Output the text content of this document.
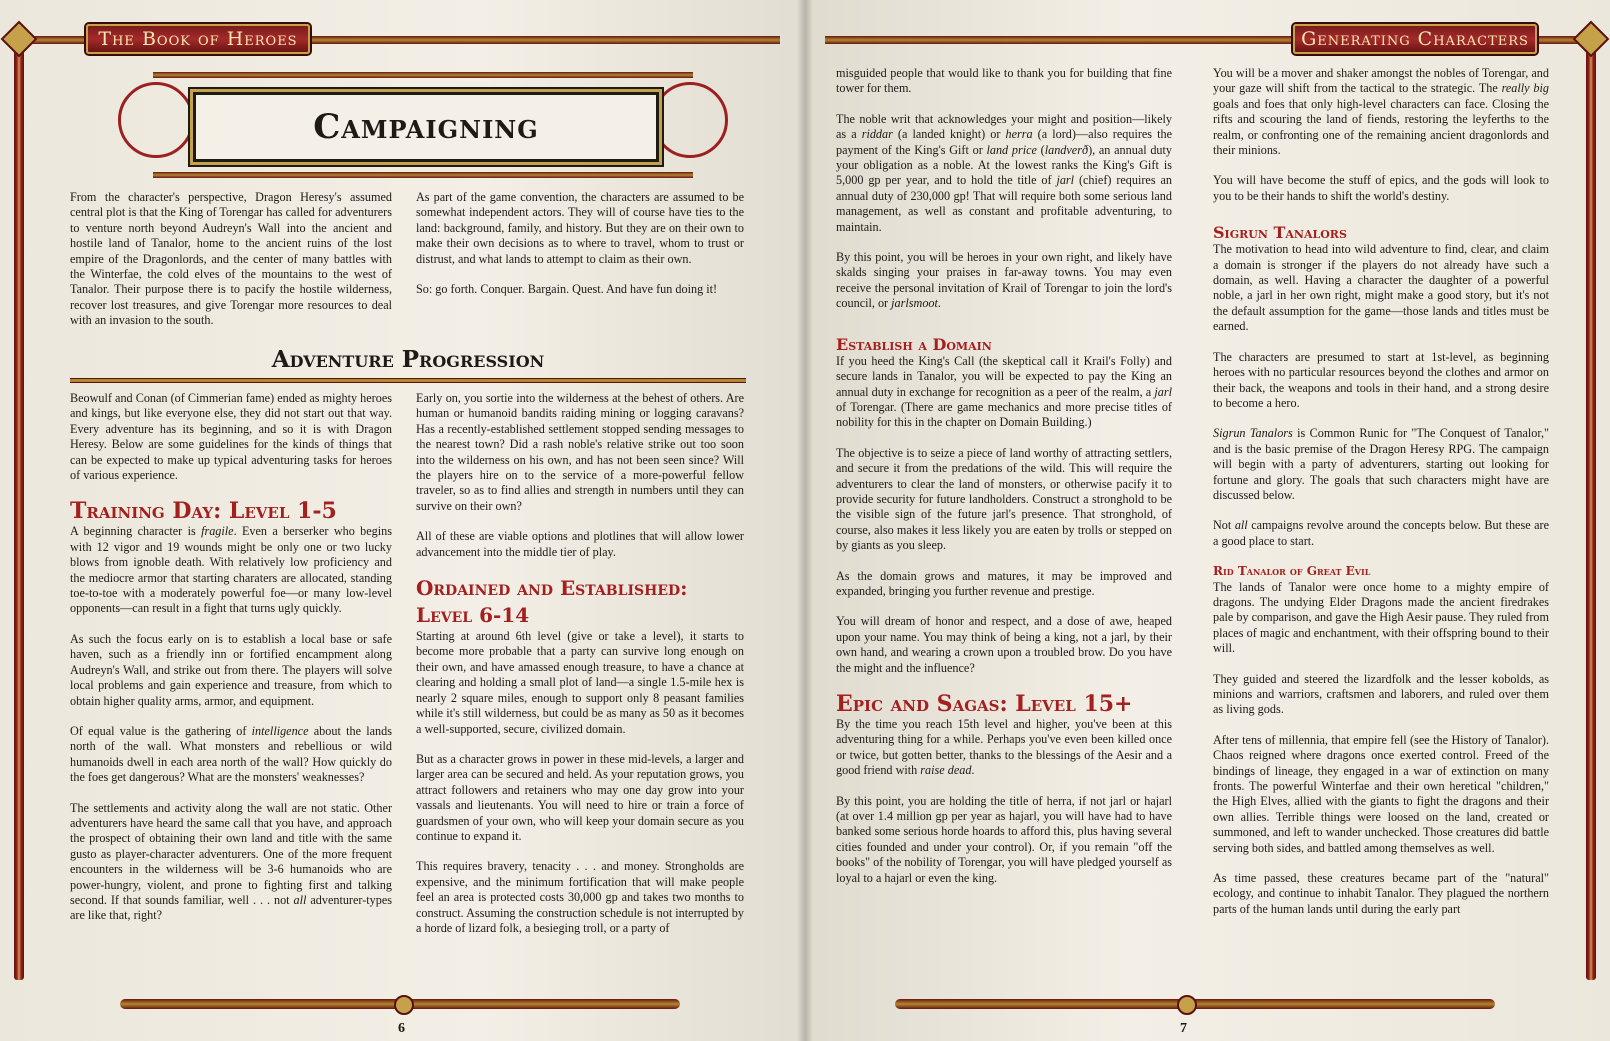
The Book of Heroes
Campaigning

From the character's perspective, Dragon Heresy's assumed central plot is that the King of Torengar has called for adventurers to venture north beyond Audreyn's Wall into the ancient and hostile land of Tanalor, home to the ancient ruins of the lost empire of the Dragonlords, and the center of many battles with the Winterfae, the cold elves of the mountains to the west of Tanalor. Their purpose there is to pacify the hostile wilderness, recover lost treasures, and give Torengar more resources to deal with an invasion to the south.

As part of the game convention, the characters are assumed to be somewhat independent actors. They will of course have ties to the land: background, family, and history. But they are on their own to make their own decisions as to where to travel, whom to trust or distrust, and what lands to attempt to claim as their own.

So: go forth. Conquer. Bargain. Quest. And have fun doing it!

Adventure Progression

Beowulf and Conan (of Cimmerian fame) ended as mighty heroes and kings, but like everyone else, they did not start out that way. Every adventure has its beginning, and so it is with Dragon Heresy. Below are some guidelines for the kinds of things that can be expected to make up typical adventuring tasks for heroes of various experience.

Training Day: Level 1-5

A beginning character is fragile. Even a berserker who begins with 12 vigor and 19 wounds might be only one or two lucky blows from ignoble death. With relatively low proficiency and the mediocre armor that starting charaters are allocated, standing toe-to-toe with a moderately powerful foe—or many low-level opponents—can result in a fight that turns ugly quickly.

As such the focus early on is to establish a local base or safe haven, such as a friendly inn or fortified encampment along Audreyn's Wall, and strike out from there. The players will solve local problems and gain experience and treasure, from which to obtain higher quality arms, armor, and equipment.

Of equal value is the gathering of intelligence about the lands north of the wall. What monsters and rebellious or wild humanoids dwell in each area north of the wall? How quickly do the foes get dangerous? What are the monsters' weaknesses?

The settlements and activity along the wall are not static. Other adventurers have heard the same call that you have, and approach the prospect of obtaining their own land and title with the same gusto as player-character adventurers. One of the more frequent encounters in the wilderness will be 3-6 humanoids who are power-hungry, violent, and prone to fighting first and talking second. If that sounds familiar, well . . . not all adventurer-types are like that, right?

Early on, you sortie into the wilderness at the behest of others. Are human or humanoid bandits raiding mining or logging caravans? Has a recently-established settlement stopped sending messages to the nearest town? Did a rash noble's relative strike out too soon into the wilderness on his own, and has not been seen since? Will the players hire on to the service of a more-powerful fellow traveler, so as to find allies and strength in numbers until they can survive on their own?

All of these are viable options and plotlines that will allow lower advancement into the middle tier of play.

Ordained and Established:
Level 6-14

Starting at around 6th level (give or take a level), it starts to become more probable that a party can survive long enough on their own, and have amassed enough treasure, to have a chance at clearing and holding a small plot of land—a single 1.5-mile hex is nearly 2 square miles, enough to support only 8 peasant families while it's still wilderness, but could be as many as 50 as it becomes a well-supported, secure, civilized domain.

But as a character grows in power in these mid-levels, a larger and larger area can be secured and held. As your reputation grows, you attract followers and retainers who may one day grow into your vassals and lieutenants. You will need to hire or train a force of guardsmen of your own, who will keep your domain secure as you continue to expand it.

This requires bravery, tenacity . . . and money. Strongholds are expensive, and the minimum fortification that will make people feel an area is protected costs 30,000 gp and takes two months to construct. Assuming the construction schedule is not interrupted by a horde of lizard folk, a besieging troll, or a party of

6
Generating Characters

misguided people that would like to thank you for building that fine tower for them.

The noble writ that acknowledges your might and position—likely as a riddar (a landed knight) or herra (a lord)—also requires the payment of the King's Gift or land price (landverð), an annual duty your obligation as a noble. At the lowest ranks the King's Gift is 5,000 gp per year, and to hold the title of jarl (chief) requires an annual duty of 230,000 gp! That will require both some serious land management, as well as constant and profitable adventuring, to maintain.

By this point, you will be heroes in your own right, and likely have skalds singing your praises in far-away towns. You may even receive the personal invitation of Krail of Torengar to join the lord's council, or jarlsmoot.

Establish a Domain

If you heed the King's Call (the skeptical call it Krail's Folly) and secure lands in Tanalor, you will be expected to pay the King an annual duty in exchange for recognition as a peer of the realm, a jarl of Torengar. (There are game mechanics and more precise titles of nobility for this in the chapter on Domain Building.)

The objective is to seize a piece of land worthy of attracting settlers, and secure it from the predations of the wild. This will require the adventurers to clear the land of monsters, or otherwise pacify it to provide security for future landholders. Construct a stronghold to be the visible sign of the future jarl's presence. That stronghold, of course, also makes it less likely you are eaten by trolls or stepped on by giants as you sleep.

As the domain grows and matures, it may be improved and expanded, bringing you further revenue and prestige.

You will dream of honor and respect, and a dose of awe, heaped upon your name. You may think of being a king, not a jarl, by their own hand, and wearing a crown upon a troubled brow. Do you have the might and the influence?

Epic and Sagas: Level 15+

By the time you reach 15th level and higher, you've been at this adventuring thing for a while. Perhaps you've even been killed once or twice, but gotten better, thanks to the blessings of the Aesir and a good friend with raise dead.

By this point, you are holding the title of herra, if not jarl or hajarl (at over 1.4 million gp per year as hajarl, you will have had to have banked some serious horde hoards to afford this, plus having several cities founded and under your control). Or, if you remain "off the books" of the nobility of Torengar, you will have pledged yourself as loyal to a hajarl or even the king.

You will be a mover and shaker amongst the nobles of Torengar, and your gaze will shift from the tactical to the strategic. The really big goals and foes that only high-level characters can face. Closing the rifts and scouring the land of fiends, restoring the leyferths to the realm, or confronting one of the remaining ancient dragonlords and their minions.

You will have become the stuff of epics, and the gods will look to you to be their hands to shift the world's destiny.

Sigrun Tanalors

The motivation to head into wild adventure to find, clear, and claim a domain is stronger if the players do not already have such a domain, as well. Having a character the daughter of a powerful noble, a jarl in her own right, might make a good story, but it's not the default assumption for the game—those lands and titles must be earned.

The characters are presumed to start at 1st-level, as beginning heroes with no particular resources beyond the clothes and armor on their back, the weapons and tools in their hand, and a strong desire to become a hero.

Sigrun Tanalors is Common Runic for "The Conquest of Tanalor," and is the basic premise of the Dragon Heresy RPG. The campaign will begin with a party of adventurers, starting out looking for fortune and glory. The goals that such characters might have are discussed below.

Not all campaigns revolve around the concepts below. But these are a good place to start.

Rid Tanalor of Great Evil

The lands of Tanalor were once home to a mighty empire of dragons. The undying Elder Dragons made the ancient firedrakes pale by comparison, and gave the High Aesir pause. They ruled from places of magic and enchantment, with their offspring bound to their will.

They guided and steered the lizardfolk and the lesser kobolds, as minions and warriors, craftsmen and laborers, and ruled over them as living gods.

After tens of millennia, that empire fell (see the History of Tanalor). Chaos reigned where dragons once exerted control. Freed of the bindings of lineage, they engaged in a war of extinction on many fronts. The powerful Winterfae and their own heretical "children," the High Elves, allied with the giants to fight the dragons and their own allies. Terrible things were loosed on the land, created or summoned, and left to wander unchecked. Those creatures did battle serving both sides, and battled among themselves as well.

As time passed, these creatures became part of the "natural" ecology, and continue to inhabit Tanalor. They plagued the northern parts of the human lands until during the early part

7
